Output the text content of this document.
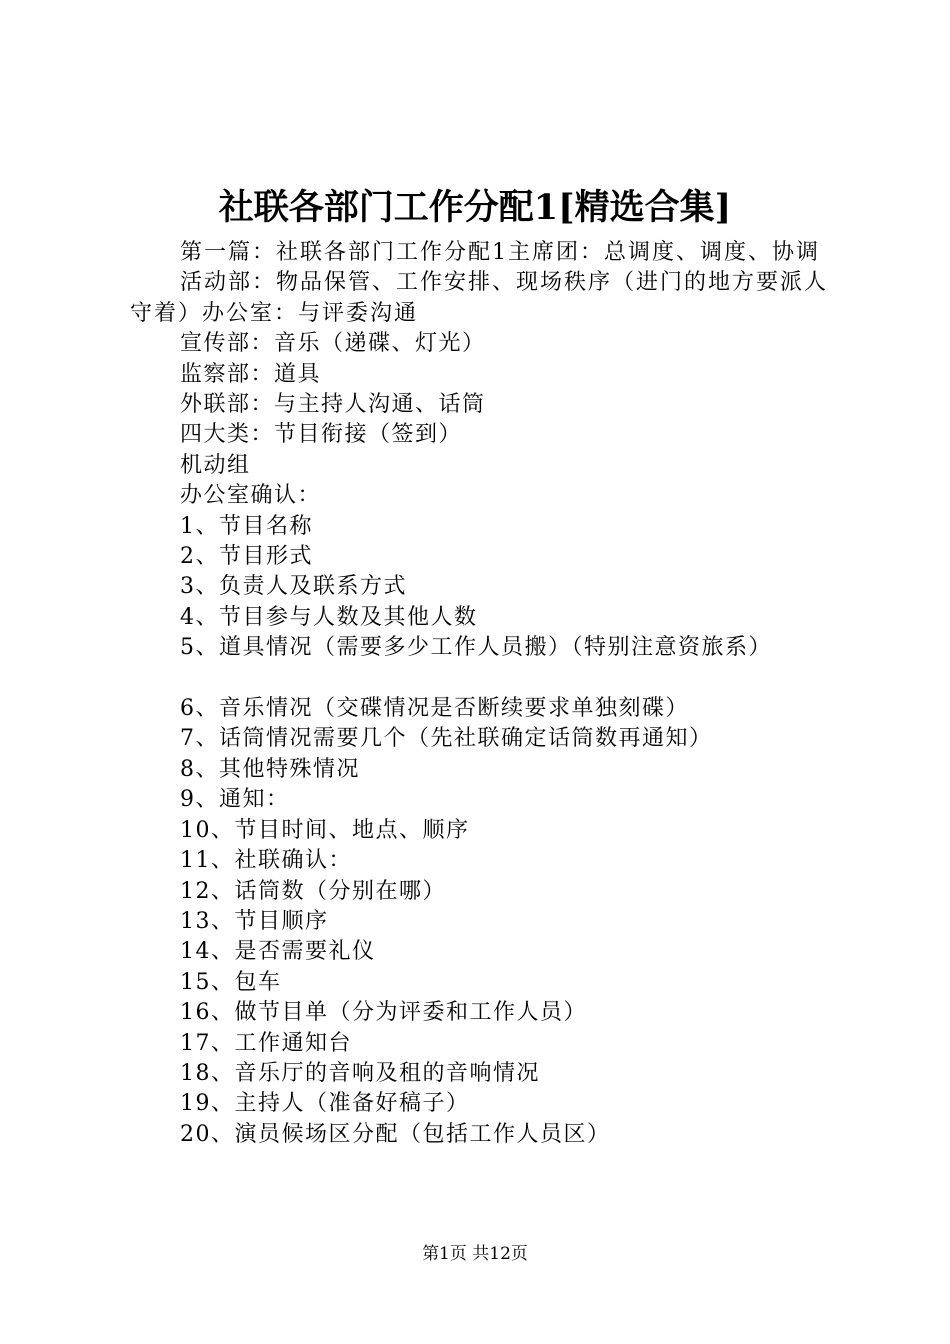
社联各部门工作分配1[精选合集]

第一篇：社联各部门工作分配1主席团：总调度、调度、协调

活动部：物品保管、工作安排、现场秩序（进门的地方要派人守着）办公室：与评委沟通

宣传部：音乐（递碟、灯光）

监察部：道具

外联部：与主持人沟通、话筒

四大类：节目衔接（签到）

机动组

办公室确认：

1、节目名称

2、节目形式

3、负责人及联系方式

4、节目参与人数及其他人数

5、道具情况（需要多少工作人员搬）（特别注意资旅系）

6、音乐情况（交碟情况是否断续要求单独刻碟）

7、话筒情况需要几个（先社联确定话筒数再通知）

8、其他特殊情况

9、通知：

10、节目时间、地点、顺序

11、社联确认：

12、话筒数（分别在哪）

13、节目顺序

14、是否需要礼仪

15、包车

16、做节目单（分为评委和工作人员）

17、工作通知台

18、音乐厅的音响及租的音响情况

19、主持人（准备好稿子）

20、演员候场区分配（包括工作人员区）

第1页 共12页
